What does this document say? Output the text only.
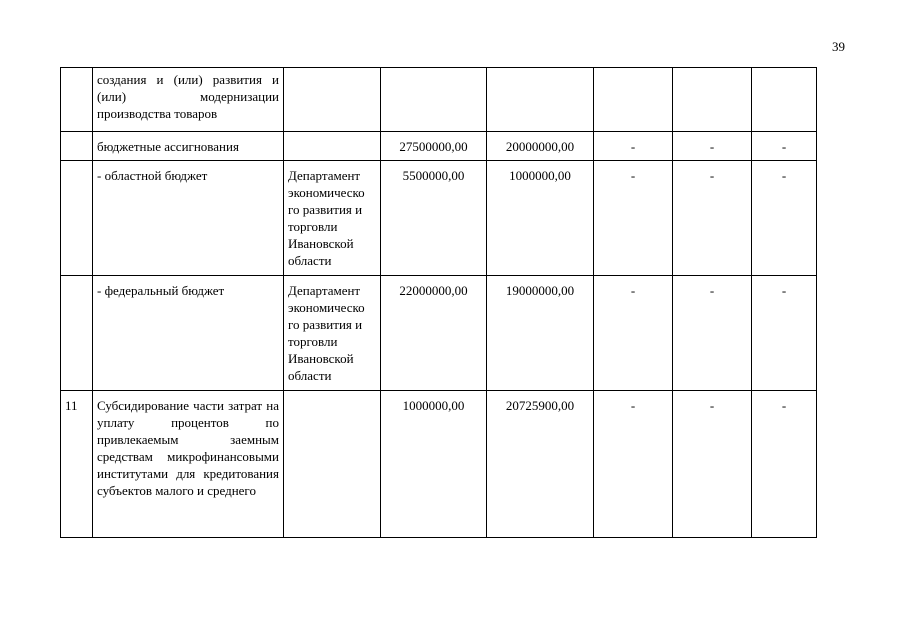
39
	создания и (или) развития и (или) модернизации производства товаров						
	бюджетные ассигнования		27500000,00	20000000,00	-	-	-
	- областной бюджет	Департамент экономическо го развития и торговли Ивановской области	5500000,00	1000000,00	-	-	-
	- федеральный бюджет	Департамент экономическо го развития и торговли Ивановской области	22000000,00	19000000,00	-	-	-
11	Субсидирование части затрат на уплату процентов по привлекаемым заемным средствам микрофинансовыми институтами для кредитования субъектов малого и среднего		1000000,00	20725900,00	-	-	-
